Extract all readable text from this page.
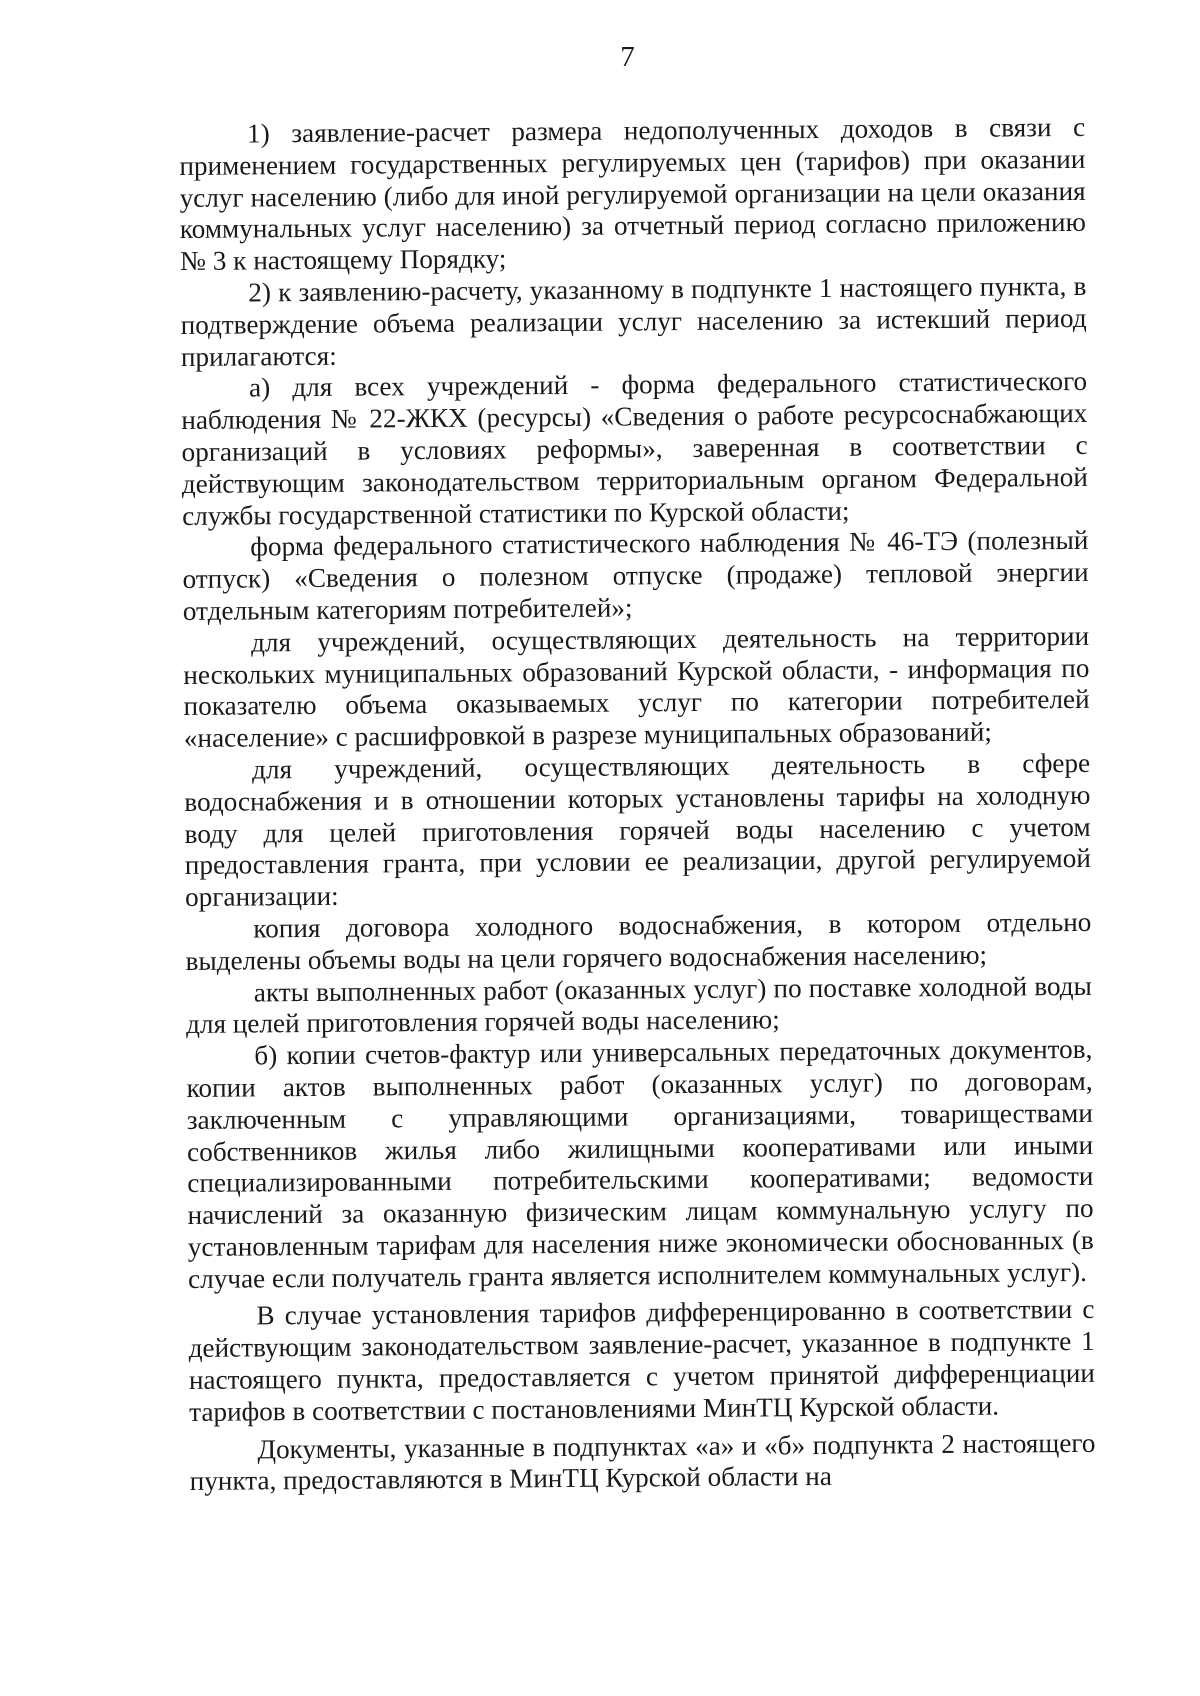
7

1) заявление-расчет размера недополученных доходов в связи с применением государственных регулируемых цен (тарифов) при оказании услуг населению (либо для иной регулируемой организации на цели оказания коммунальных услуг населению) за отчетный период согласно приложению № 3 к настоящему Порядку;

2) к заявлению-расчету, указанному в подпункте 1 настоящего пункта, в подтверждение объема реализации услуг населению за истекший период прилагаются:

а) для всех учреждений - форма федерального статистического наблюдения № 22-ЖКХ (ресурсы) «Сведения о работе ресурсоснабжающих организаций в условиях реформы», заверенная в соответствии с действующим законодательством территориальным органом Федеральной службы государственной статистики по Курской области;

форма федерального статистического наблюдения № 46-ТЭ (полезный отпуск) «Сведения о полезном отпуске (продаже) тепловой энергии отдельным категориям потребителей»;

для учреждений, осуществляющих деятельность на территории нескольких муниципальных образований Курской области, - информация по показателю объема оказываемых услуг по категории потребителей «население» с расшифровкой в разрезе муниципальных образований;

для учреждений, осуществляющих деятельность в сфере водоснабжения и в отношении которых установлены тарифы на холодную воду для целей приготовления горячей воды населению с учетом предоставления гранта, при условии ее реализации, другой регулируемой организации:

копия договора холодного водоснабжения, в котором отдельно выделены объемы воды на цели горячего водоснабжения населению;

акты выполненных работ (оказанных услуг) по поставке холодной воды для целей приготовления горячей воды населению;

б) копии счетов-фактур или универсальных передаточных документов, копии актов выполненных работ (оказанных услуг) по договорам, заключенным с управляющими организациями, товариществами собственников жилья либо жилищными кооперативами или иными специализированными потребительскими кооперативами; ведомости начислений за оказанную физическим лицам коммунальную услугу по установленным тарифам для населения ниже экономически обоснованных (в случае если получатель гранта является исполнителем коммунальных услуг).

В случае установления тарифов дифференцированно в соответствии с действующим законодательством заявление-расчет, указанное в подпункте 1 настоящего пункта, предоставляется с учетом принятой дифференциации тарифов в соответствии с постановлениями МинТЦ Курской области.

Документы, указанные в подпунктах «а» и «б» подпункта 2 настоящего пункта, предоставляются в МинТЦ Курской области на
